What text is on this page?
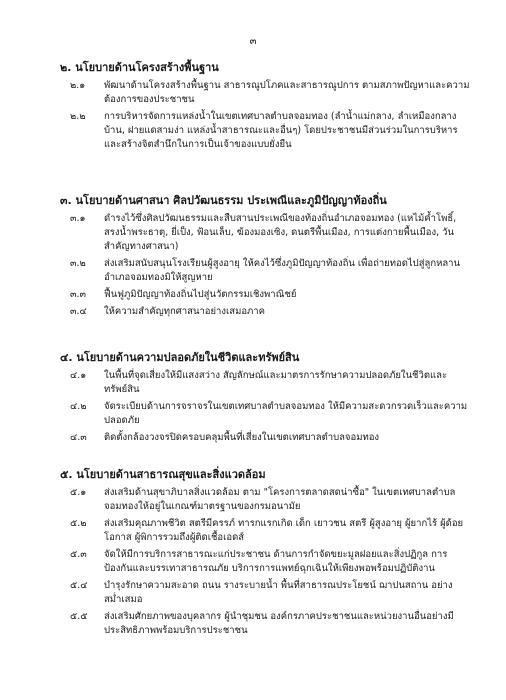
๓
๒. นโยบายด้านโครงสร้างพื้นฐาน
๒.๑	พัฒนาด้านโครงสร้างพื้นฐาน สาธารณูปโภคและสาธารณูปการ ตามสภาพปัญหาและความต้องการของประชาชน
๒.๒	การบริหารจัดการแหล่งน้ำในเขตเทศบาลตำบลจอมทอง (ลำน้ำแม่กลาง, ลำเหมืองกลางบ้าน, ฝายแดสามง่า แหล่งน้ำสาธารณะและอื่นๆ) โดยประชาชนมีส่วนร่วมในการบริหารและสร้างจิตสำนึกในการเป็นเจ้าของแบบยั่งยืน
๓. นโยบายด้านศาสนา ศิลปวัฒนธรรม ประเพณีและภูมิปัญญาท้องถิ่น
๓.๑	ดำรงไว้ซึ่งศิลปวัฒนธรรมและสืบสานประเพณีของท้องถิ่นอำเภอจอมทอง (แหไม้ค้ำโพธิ์, สรงน้ำพระธาตุ, ยี่เป็ง, ฟ้อนเล็บ, ฆ้องมองเซิง, ดนตรีพื้นเมือง, การแต่งกายพื้นเมือง, วันสำคัญทางศาสนา)
๓.๒	ส่งเสริมสนับสนุนโรงเรียนผู้สูงอายุ ให้คงไว้ซึ่งภูมิปัญญาท้องถิ่น เพื่อถ่ายทอดไปสู่ลูกหลานอำเภอจอมทองมิให้สูญหาย
๓.๓	ฟื้นฟูภูมิปัญญาท้องถิ่นไปสู่นวัตกรรมเชิงพาณิชย์
๓.๔	ให้ความสำคัญทุกศาสนาอย่างเสมอภาค
๔. นโยบายด้านความปลอดภัยในชีวิตและทรัพย์สิน
๔.๑	ในพื้นที่จุดเสี่ยงให้มีแสงสว่าง สัญลักษณ์และมาตรการรักษาความปลอดภัยในชีวิตและทรัพย์สิน
๔.๒	จัดระเบียบด้านการจราจรในเขตเทศบาลตำบลจอมทอง ให้มีความสะดวกรวดเร็วและความปลอดภัย
๔.๓	ติดตั้งกล้องวงจรปิดครอบคลุมพื้นที่เสี่ยงในเขตเทศบาลตำบลจอมทอง
๕. นโยบายด้านสาธารณสุขและสิ่งแวดล้อม
๕.๑	ส่งเสริมด้านสุขาภิบาลสิ่งแวดล้อม ตาม "โครงการตลาดสดน่าซื้อ" ในเขตเทศบาลตำบลจอมทองให้อยู่ในเกณฑ์มาตรฐานของกรมอนามัย
๕.๒	ส่งเสริมคุณภาพชีวิต สตรีมีครรภ์ ทารกแรกเกิด เด็ก เยาวชน สตรี ผู้สูงอายุ ผู้ยากไร้ ผู้ด้อยโอกาส ผู้พิการรวมถึงผู้ติดเชื้อเอดส์
๕.๓	จัดให้มีการบริการสาธารณะแก่ประชาชน ด้านการกำจัดขยะมูลฝอยและสิ่งปฏิกูล การป้องกันและบรรเทาสาธารณภัย บริการการแพทย์ฉุกเฉินให้เพียงพอพร้อมปฏิบัติงาน
๕.๔	บำรุงรักษาความสะอาด ถนน รางระบายน้ำ พื้นที่สาธารณประโยชน์ ฌาปนสถาน อย่างสม่ำเสมอ
๕.๕	ส่งเสริมศักยภาพของบุคลากร ผู้นำชุมชน องค์กรภาคประชาชนและหน่วยงานอื่นอย่างมีประสิทธิภาพพร้อมบริการประชาชน
